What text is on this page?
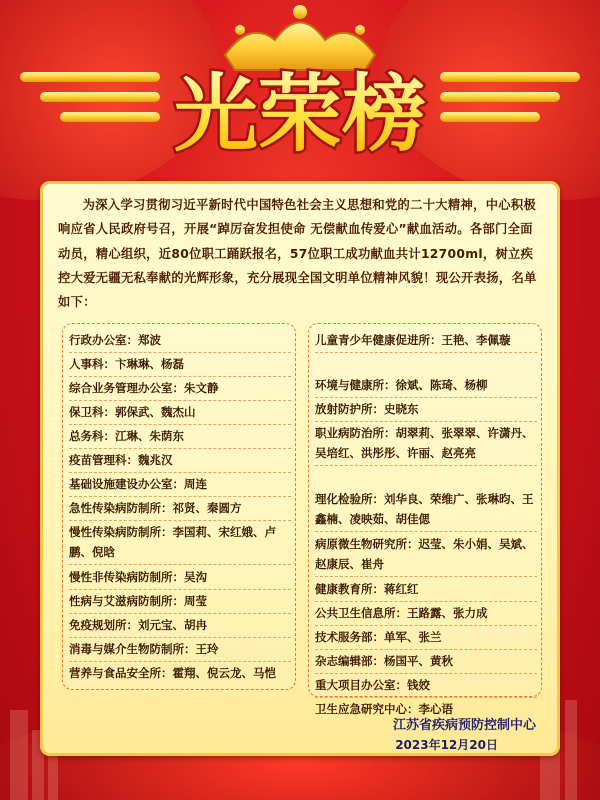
光荣榜
为深入学习贯彻习近平新时代中国特色社会主义思想和党的二十大精神，中心积极响应省人民政府号召，开展“踔厉奋发担使命 无偿献血传爱心”献血活动。各部门全面动员，精心组织，近80位职工踊跃报名，57位职工成功献血共计12700ml，树立疾控大爱无疆无私奉献的光辉形象，充分展现全国文明单位精神风貌！现公开表扬，名单如下：
行政办公室：郑波
人事科：卞琳琳、杨磊
综合业务管理办公室：朱文静
保卫科：郭保武、魏杰山
总务科：江琳、朱荫东
疫苗管理科：魏兆汉
基础设施建设办公室：周连
急性传染病防制所：祁贤、秦圆方
慢性传染病防制所：李国莉、宋红娥、卢鹏、倪晗
慢性非传染病防制所：吴沟
性病与艾滋病防制所：周莹
免疫规划所：刘元宝、胡冉
消毒与媒介生物防制所：王玲
营养与食品安全所：霍翔、倪云龙、马恺
儿童青少年健康促进所：王艳、李佩璇
环境与健康所：徐斌、陈琦、杨柳
放射防护所：史晓东
职业病防治所：胡翠莉、张翠翠、许潇丹、吴培红、洪彤彤、许丽、赵亮亮
理化检验所：刘华良、荣维广、张琳昀、王鑫楠、凌映茹、胡佳偲
病原微生物研究所：迟莹、朱小娟、吴斌、赵康辰、崔舟
健康教育所：蒋红红
公共卫生信息所：王路露、张力成
技术服务部：单军、张兰
杂志编辑部：杨国平、黄秋
重大项目办公室：钱姣
卫生应急研究中心：李心语
江苏省疾病预防控制中心
2023年12月20日
